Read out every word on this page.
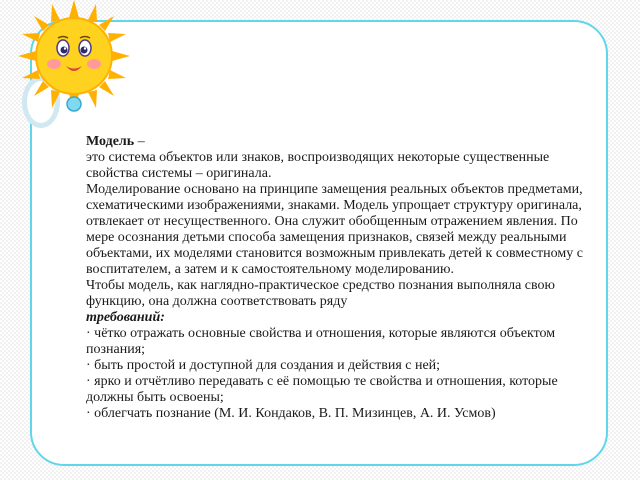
Модель –

это система объектов или знаков, воспроизводящих некоторые существенные свойства системы – оригинала.

Моделирование основано на принципе замещения реальных объектов предметами, схематическими изображениями, знаками. Модель упрощает структуру оригинала, отвлекает от несущественного. Она служит обобщенным отражением явления. По мере осознания детьми способа замещения признаков, связей между реальными объектами, их моделями становится возможным привлекать детей к совместному с воспитателем, а затем и к самостоятельному моделированию.

Чтобы модель, как наглядно-практическое средство познания выполняла свою функцию, она должна соответствовать ряду
требований:

· чётко отражать основные свойства и отношения, которые являются объектом познания;

· быть простой и доступной для создания и действия с ней;

· ярко и отчётливо передавать с её помощью те свойства и отношения, которые должны быть освоены;

· облегчать познание (М. И. Кондаков, В. П. Мизинцев, А. И. Усмов)
